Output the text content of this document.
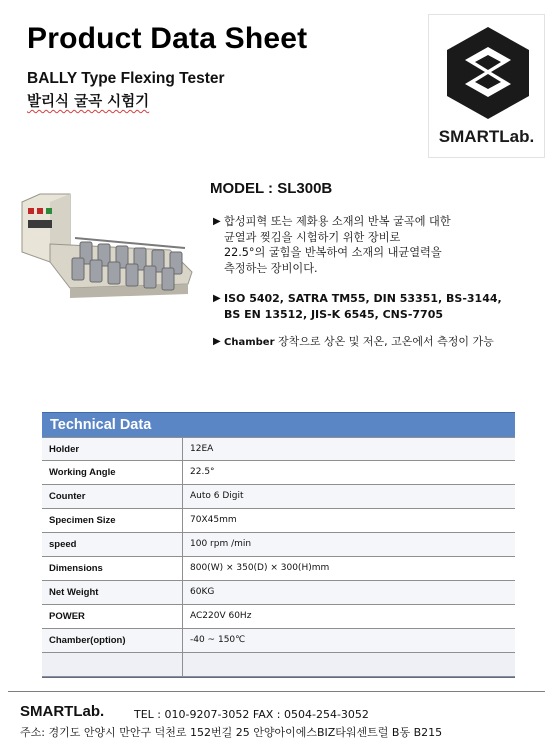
Product Data Sheet
BALLY Type Flexing Tester
발리식 굴곡 시험기
SMARTLab.
MODEL : SL300B
▶ 합성피혁 또는 제화용 소재의 반복 굴곡에 대한
균열과 찢김을 시험하기 위한 장비로
22.5°의 굴힘을 반복하여 소재의 내균열력을
측정하는 장비이다.
▶ ISO 5402, SATRA TM55, DIN 53351, BS-3144,
BS EN 13512, JIS-K 6545, CNS-7705
▶ Chamber 장착으로 상온 및 저온, 고온에서 측정이 가능
Technical Data
Holder	12EA
Working Angle	22.5°
Counter	Auto 6 Digit
Specimen Size	70X45mm
speed	100 rpm /min
Dimensions	800(W) × 350(D) × 300(H)mm
Net Weight	60KG
POWER	AC220V 60Hz
Chamber(option)	-40 ~ 150℃
SMARTLab.	TEL : 010-9207-3052 FAX : 0504-254-3052
주소: 경기도 안양시 만안구 덕천로 152번길 25 안양아이에스BIZ타워센트럴 B동 B215
